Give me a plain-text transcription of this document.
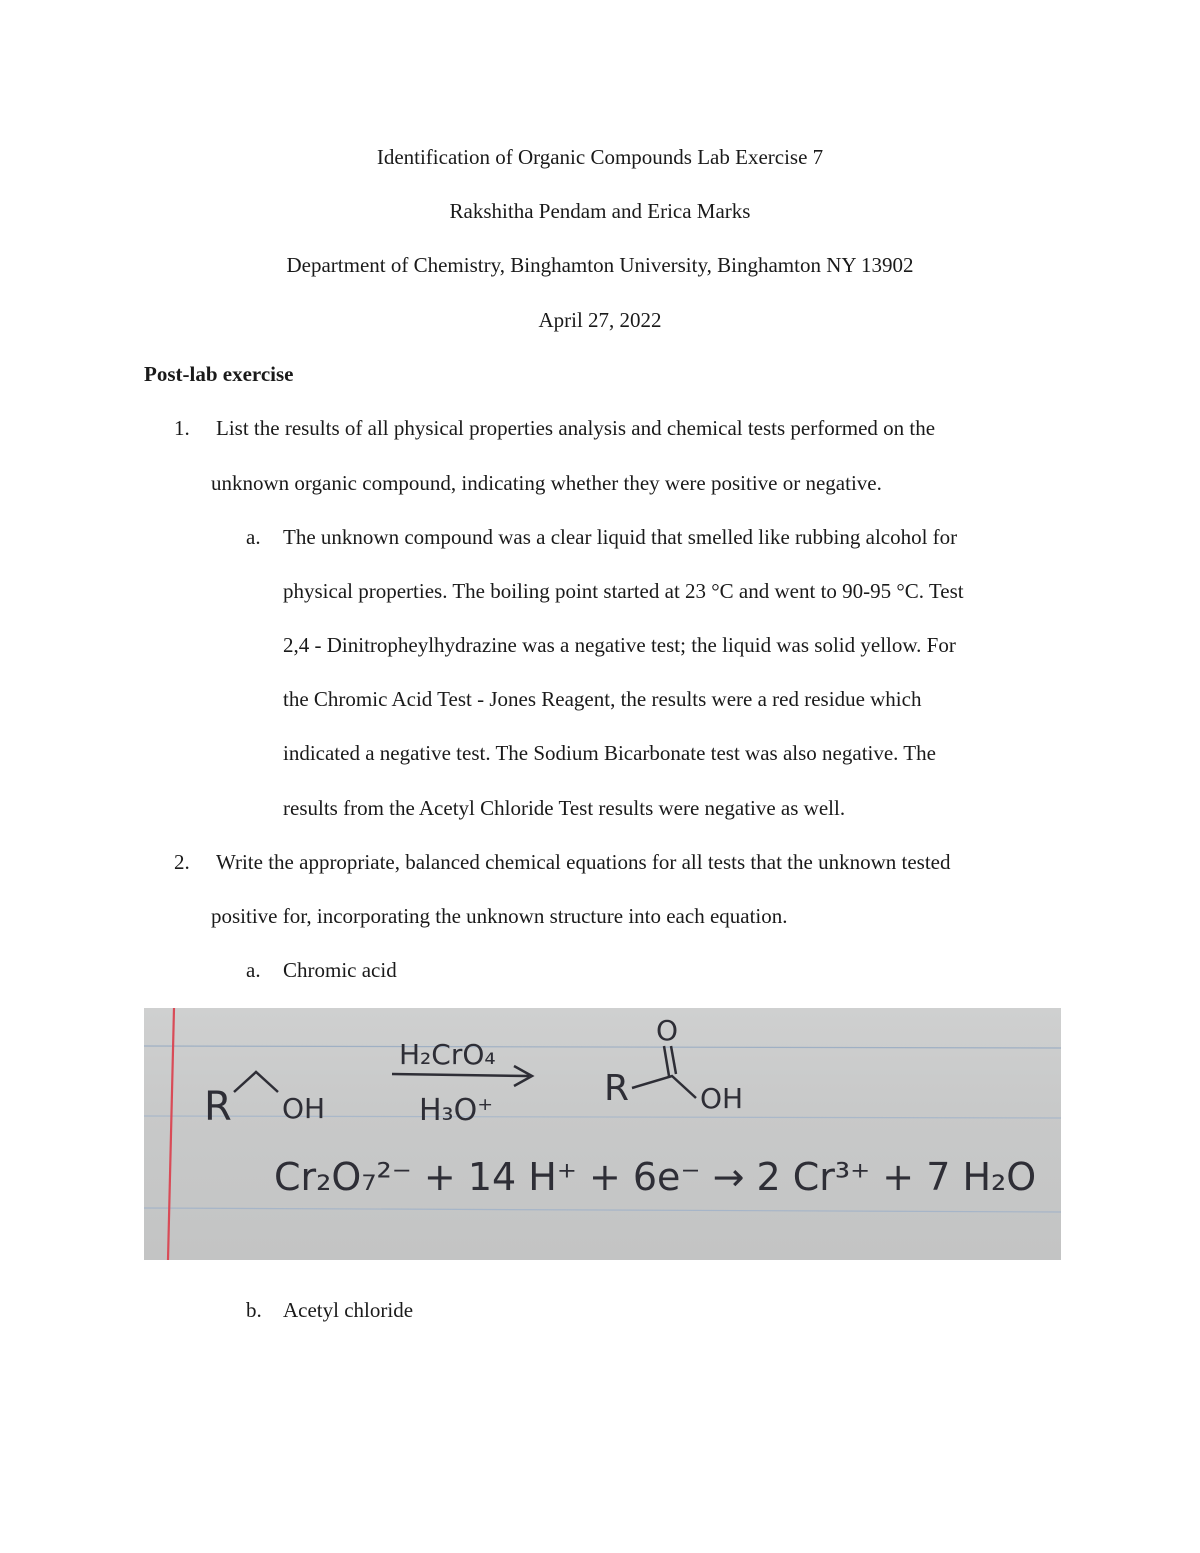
Identification of Organic Compounds Lab Exercise 7
Rakshitha Pendam and Erica Marks
Department of Chemistry, Binghamton University, Binghamton NY 13902
April 27, 2022
Post-lab exercise
1. List the results of all physical properties analysis and chemical tests performed on the
unknown organic compound, indicating whether they were positive or negative.
a. The unknown compound was a clear liquid that smelled like rubbing alcohol for
physical properties. The boiling point started at 23 °C and went to 90-95 °C. Test
2,4 - Dinitropheylhydrazine was a negative test; the liquid was solid yellow. For
the Chromic Acid Test - Jones Reagent, the results were a red residue which
indicated a negative test. The Sodium Bicarbonate test was also negative. The
results from the Acetyl Chloride Test results were negative as well.
2. Write the appropriate, balanced chemical equations for all tests that the unknown tested
positive for, incorporating the unknown structure into each equation.
a. Chromic acid
R OH
H₂CrO₄
H₃O⁺
O
R	OH
Cr₂O₇²⁻ + 14 H⁺ + 6e⁻ → 2 Cr³⁺ + 7 H₂O
b. Acetyl chloride
